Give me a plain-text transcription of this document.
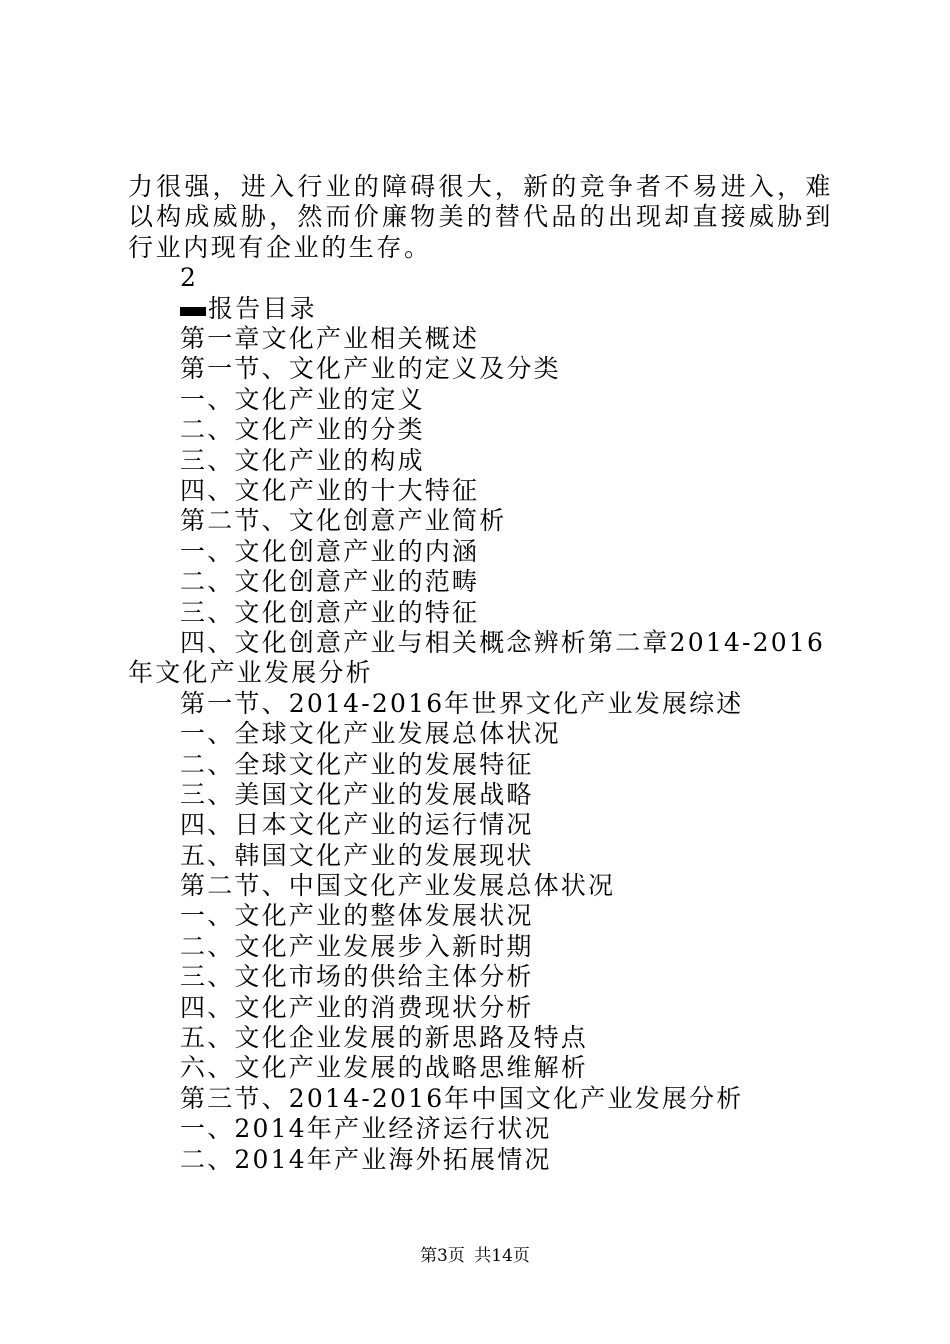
力很强，进入行业的障碍很大，新的竞争者不易进入，难以构成威胁，然而价廉物美的替代品的出现却直接威胁到行业内现有企业的生存。

2
报告目录
第一章文化产业相关概述
第一节、文化产业的定义及分类
一、文化产业的定义
二、文化产业的分类
三、文化产业的构成
四、文化产业的十大特征
第二节、文化创意产业简析
一、文化创意产业的内涵
二、文化创意产业的范畴
三、文化创意产业的特征

四、文化创意产业与相关概念辨析第二章2014-2016年文化产业发展分析

第一节、2014-2016年世界文化产业发展综述
一、全球文化产业发展总体状况
二、全球文化产业的发展特征
三、美国文化产业的发展战略
四、日本文化产业的运行情况
五、韩国文化产业的发展现状
第二节、中国文化产业发展总体状况
一、文化产业的整体发展状况
二、文化产业发展步入新时期
三、文化市场的供给主体分析
四、文化产业的消费现状分析
五、文化企业发展的新思路及特点
六、文化产业发展的战略思维解析
第三节、2014-2016年中国文化产业发展分析
一、2014年产业经济运行状况
二、2014年产业海外拓展情况
第3页 共14页
